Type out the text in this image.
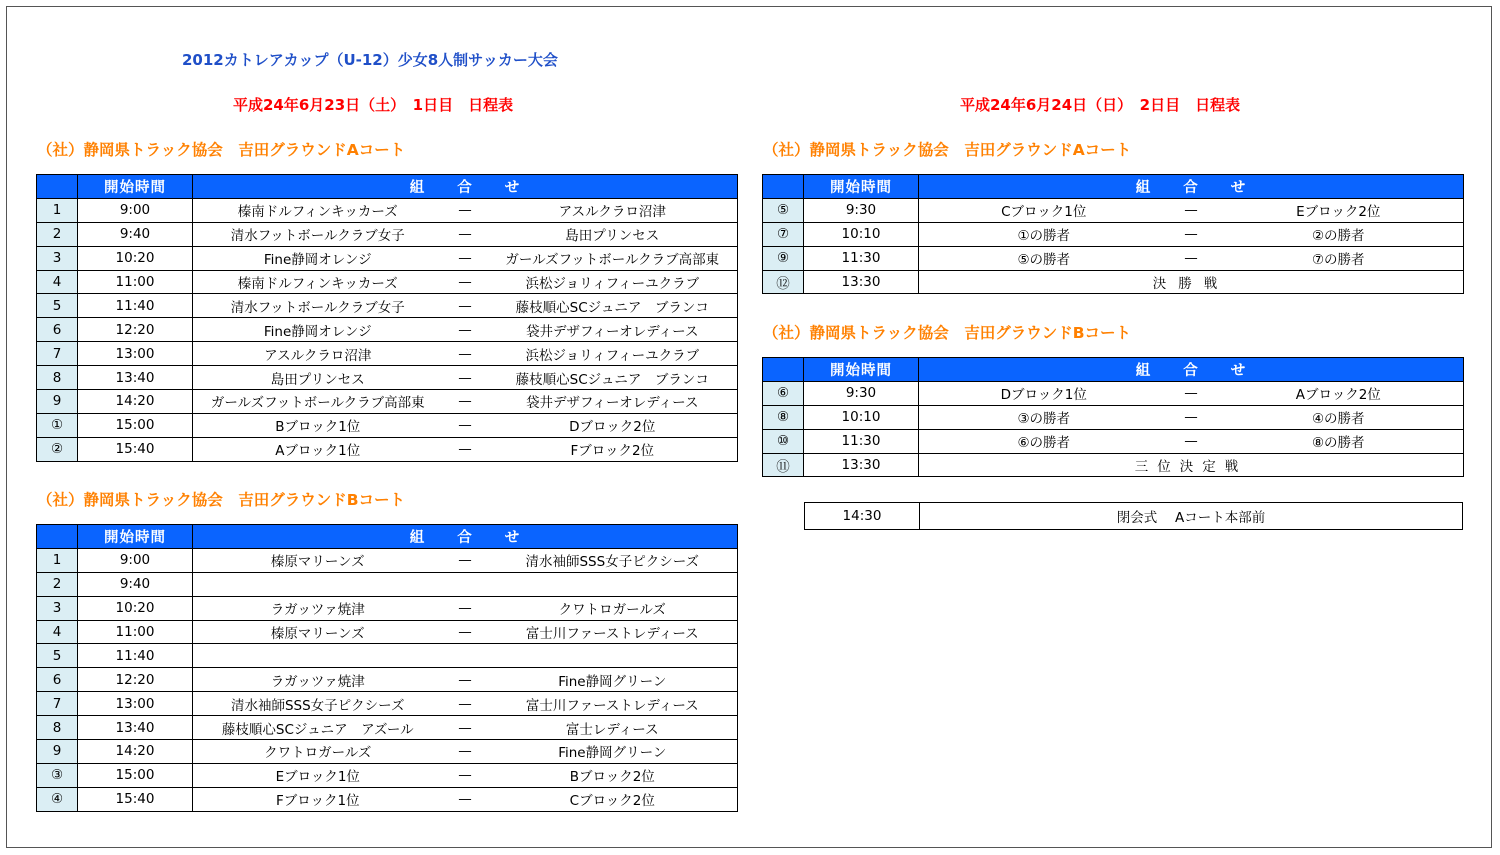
2012カトレアカップ（U-12）少女8人制サッカー大会
平成24年6月23日（土）　1日目　日程表	平成24年6月24日（日）　2日目　日程表
（社）静岡県トラック協会　吉田グラウンドAコート
（社）静岡県トラック協会　吉田グラウンドBコート
（社）静岡県トラック協会　吉田グラウンドAコート
（社）静岡県トラック協会　吉田グラウンドBコート
	開始時間	組 合 せ		
1	9:00	榛南ドルフィンキッカーズ	—	アスルクラロ沼津
2	9:40	清水フットボールクラブ女子	—	島田プリンセス
3	10:20	Fine静岡オレンジ	—	ガールズフットボールクラブ高部東
4	11:00	榛南ドルフィンキッカーズ	—	浜松ジョリィフィーユクラブ
5	11:40	清水フットボールクラブ女子	—	藤枝順心SCジュニア　ブランコ
6	12:20	Fine静岡オレンジ	—	袋井デザフィーオレディース
7	13:00	アスルクラロ沼津	—	浜松ジョリィフィーユクラブ
8	13:40	島田プリンセス	—	藤枝順心SCジュニア　ブランコ
9	14:20	ガールズフットボールクラブ高部東	—	袋井デザフィーオレディース
①	15:00	Bブロック1位	—	Dブロック2位
②	15:40	Aブロック1位	—	Fブロック2位
	開始時間	組 合 せ		
1	9:00	榛原マリーンズ	—	清水袖師SSS女子ピクシーズ
2	9:40			
3	10:20	ラガッツァ焼津	—	クワトロガールズ
4	11:00	榛原マリーンズ	—	富士川ファーストレディース
5	11:40			
6	12:20	ラガッツァ焼津	—	Fine静岡グリーン
7	13:00	清水袖師SSS女子ピクシーズ	—	富士川ファーストレディース
8	13:40	藤枝順心SCジュニア　アズール	—	富士レディース
9	14:20	クワトロガールズ	—	Fine静岡グリーン
③	15:00	Eブロック1位	—	Bブロック2位
④	15:40	Fブロック1位	—	Cブロック2位
	開始時間	組 合 せ		
⑤	9:30	Cブロック1位	—	Eブロック2位
⑦	10:10	①の勝者	—	②の勝者
⑨	11:30	⑤の勝者	—	⑦の勝者
⑫	13:30	決勝戦		
	開始時間	組 合 せ		
⑥	9:30	Dブロック1位	—	Aブロック2位
⑧	10:10	③の勝者	—	④の勝者
⑩	11:30	⑥の勝者	—	⑧の勝者
⑪	13:30	三位決定戦		
14:30	閉会式　 Aコート本部前
